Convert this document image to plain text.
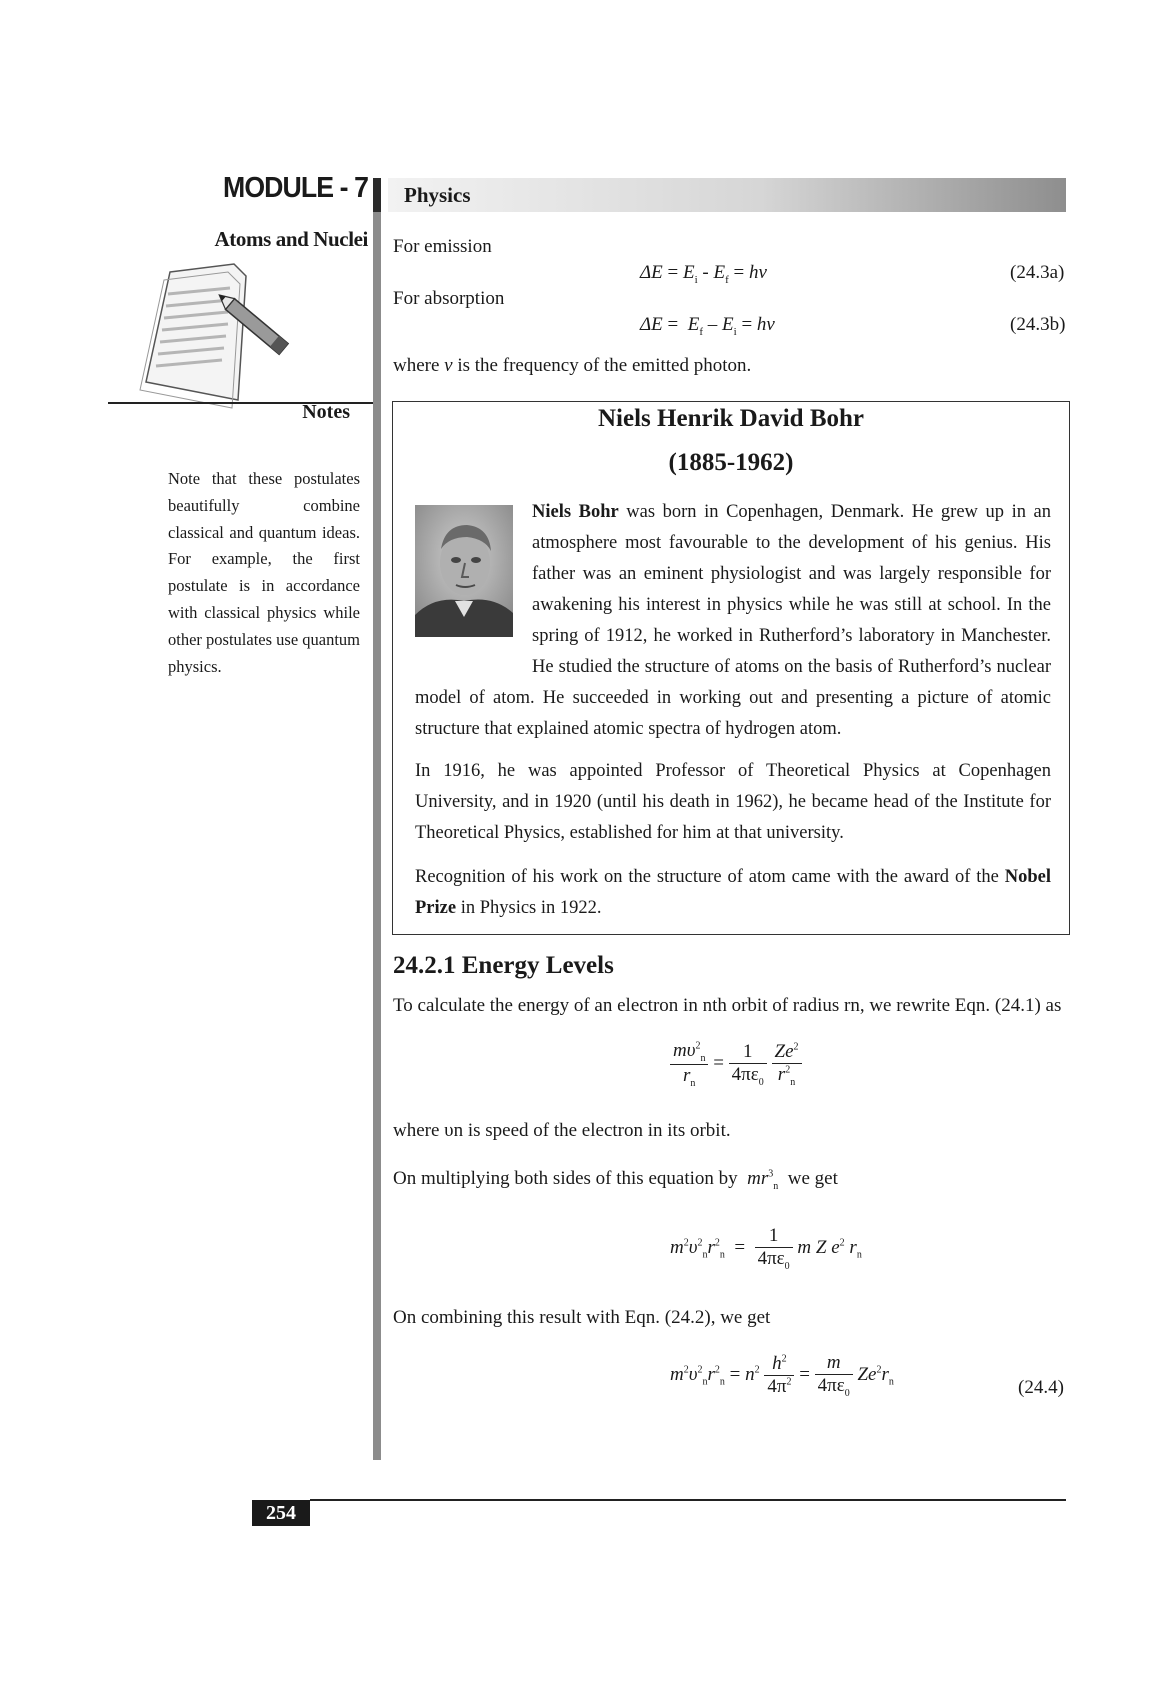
MODULE - 7
Atoms and Nuclei
Notes
Note that these postulates beautifully combine classical and quantum ideas. For example, the first postulate is in accordance with classical physics while other postulates use quantum physics.
Physics
For emission
$\Delta E = E_i - E_f$ = hv	(24.3a)
For absorption
$\Delta E = E_f - E_i$ = hv	(24.3b)
where v is the frequency of the emitted photon.
Niels Henrik David Bohr
(1885-1962)
Niels Bohr was born in Copenhagen, Denmark. He grew up in an atmosphere most favourable to the development of his genius. His father was an eminent physiologist and was largely responsible for awakening his interest in physics while he was still at school. In the spring of 1912, he worked in Rutherford’s laboratory in Manchester. He studied the structure of atoms on the basis of Rutherford’s nuclear model of atom. He succeeded in working out and presenting a picture of atomic structure that explained atomic spectra of hydrogen atom.
In 1916, he was appointed Professor of Theoretical Physics at Copenhagen University, and in 1920 (until his death in 1962), he became head of the Institute for Theoretical Physics, established for him at that university.
Recognition of his work on the structure of atom came with the award of the Nobel Prize in Physics in 1922.
24.2.1 Energy Levels
To calculate the energy of an electron in nth orbit of radius rn, we rewrite Eqn. (24.1) as
$\frac{m\upsilon^2_n}{r_n} = \frac{1}{4\pi\varepsilon_0}$
$\frac{Ze^2}{r^2_n}$
where υn is speed of the electron in its orbit.
On multiplying both sides of this equation by $mr^3_n$ we get
$m^2\upsilon^2_nr^2_n = \frac{1}{4\pi\varepsilon_0}$ m Z $e^2$ $r_n$
On combining this result with Eqn. (24.2), we get
$m^2\upsilon^2_nr^2_n = n^2 \frac{h^2}{4\pi^2} = \frac{m}{4\pi\varepsilon_0} Ze^2r_n$	(24.4)
254
